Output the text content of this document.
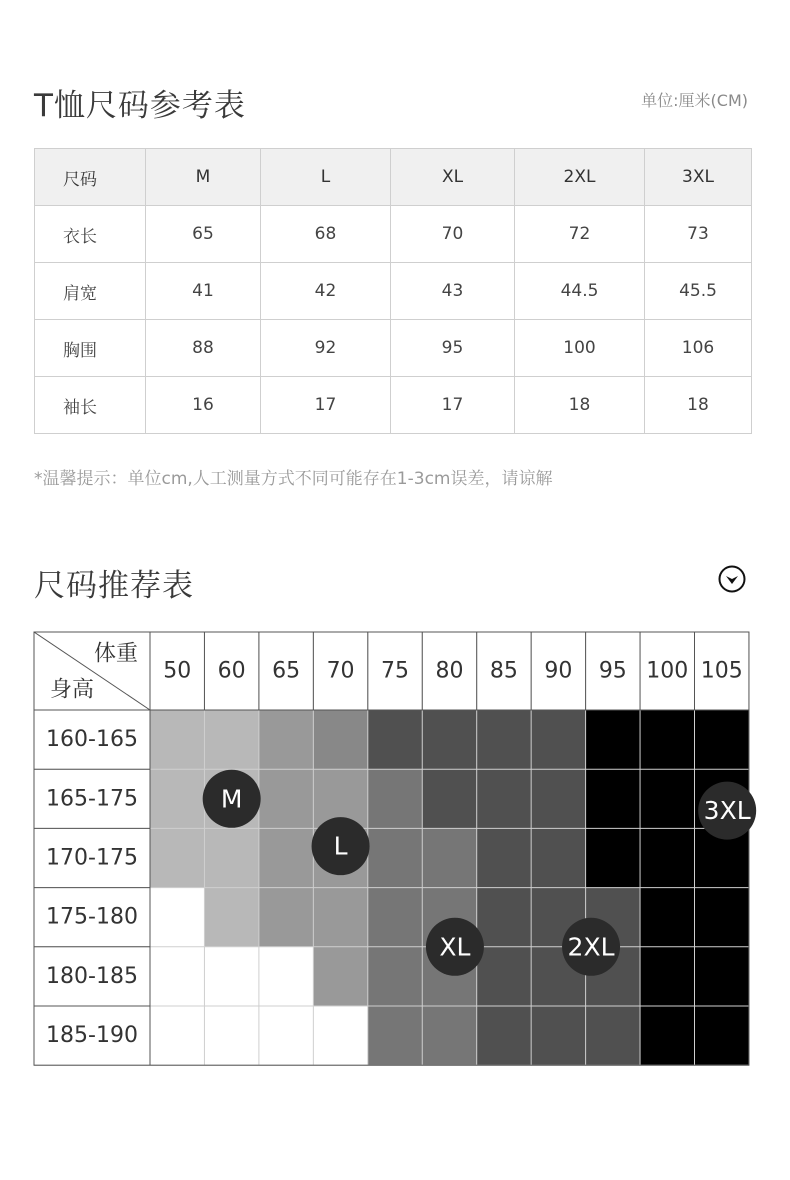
T恤尺码参考表	单位:厘米(CM)
尺码	M	L	XL	2XL	3XL
衣长	65	68	70	72	73
肩宽	41	42	43	44.5	45.5
胸围	88	92	95	100	106
袖长	16	17	17	18	18
*温馨提示：单位cm,人工测量方式不同可能存在1-3cm误差，请谅解
尺码推荐表
体重
身高
50 60 65 70 75 80 85 90 95 100 105
160-165
165-175
170-175
175-180
180-185
185-190
M
L
XL	2XL
3XL
